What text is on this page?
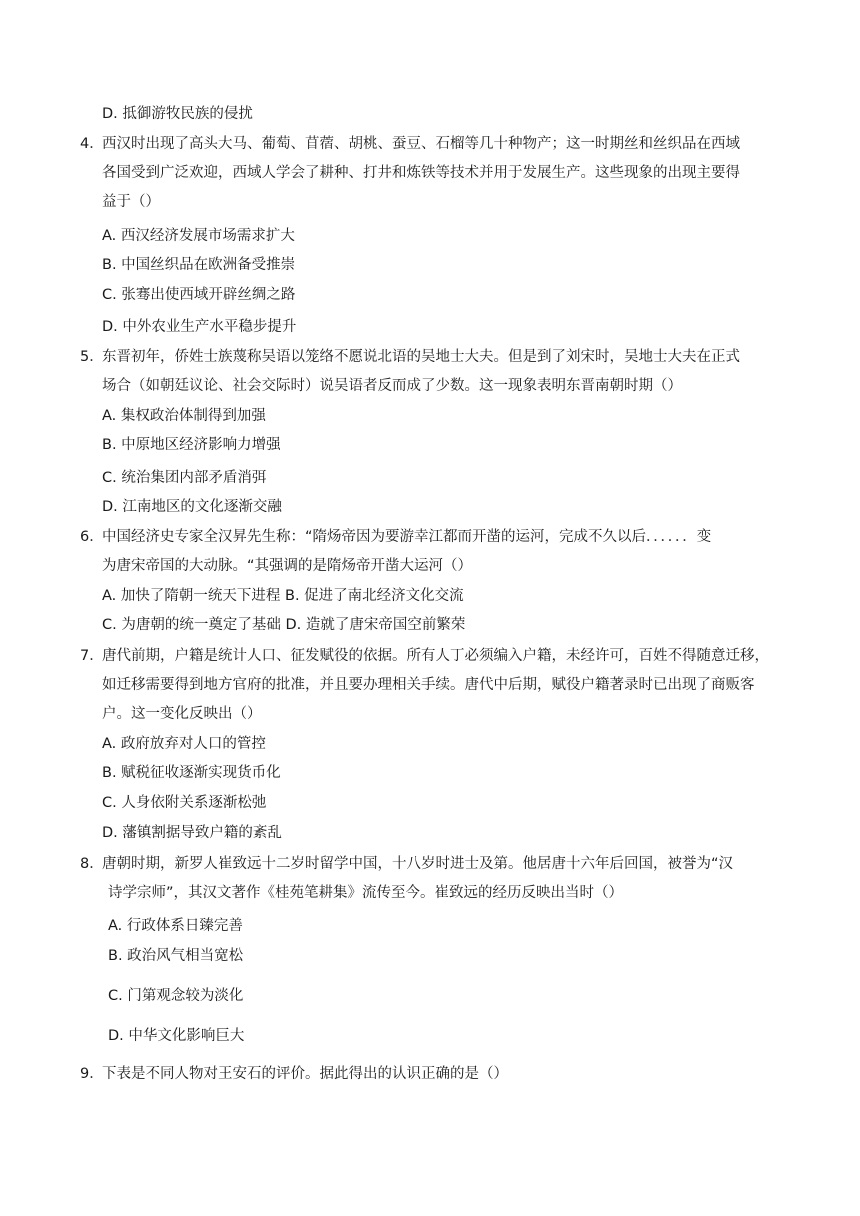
D. 抵御游牧民族的侵扰
4．
西汉时出现了高头大马、葡萄、苜蓿、胡桃、蚕豆、石榴等几十种物产；这一时期丝和丝织品在西域
各国受到广泛欢迎，西域人学会了耕种、打井和炼铁等技术并用于发展生产。这些现象的出现主要得
益于（）
A. 西汉经济发展市场需求扩大
B. 中国丝织品在欧洲备受推崇
C. 张骞出使西域开辟丝绸之路
D. 中外农业生产水平稳步提升
5．
东晋初年，侨姓士族蔑称吴语以笼络不愿说北语的吴地士大夫。但是到了刘宋时，吴地士大夫在正式
场合（如朝廷议论、社会交际时）说吴语者反而成了少数。这一现象表明东晋南朝时期（）
A. 集权政治体制得到加强
B. 中原地区经济影响力增强
C. 统治集团内部矛盾消弭
D. 江南地区的文化逐渐交融
6．
中国经济史专家全汉昇先生称：“隋炀帝因为要游幸江都而开凿的运河，完成不久以后．．．．．．变
为唐宋帝国的大动脉。“其强调的是隋炀帝开凿大运河（）
A. 加快了隋朝一统天下进程 B. 促进了南北经济文化交流
C. 为唐朝的统一奠定了基础 D. 造就了唐宋帝国空前繁荣
7．
唐代前期，户籍是统计人口、征发赋役的依据。所有人丁必须编入户籍，未经许可，百姓不得随意迁移，
如迁移需要得到地方官府的批准，并且要办理相关手续。唐代中后期，赋役户籍著录时已出现了商贩客
户。这一变化反映出（）
A. 政府放弃对人口的管控
B. 赋税征收逐渐实现货币化
C. 人身依附关系逐渐松弛
D. 藩镇割据导致户籍的紊乱
8．
唐朝时期，新罗人崔致远十二岁时留学中国，十八岁时进士及第。他居唐十六年后回国，被誉为“汉
诗学宗师”，其汉文著作《桂苑笔耕集》流传至今。崔致远的经历反映出当时（）
A. 行政体系日臻完善
B. 政治风气相当宽松
C. 门第观念较为淡化
D. 中华文化影响巨大
9．
下表是不同人物对王安石的评价。据此得出的认识正确的是（）
